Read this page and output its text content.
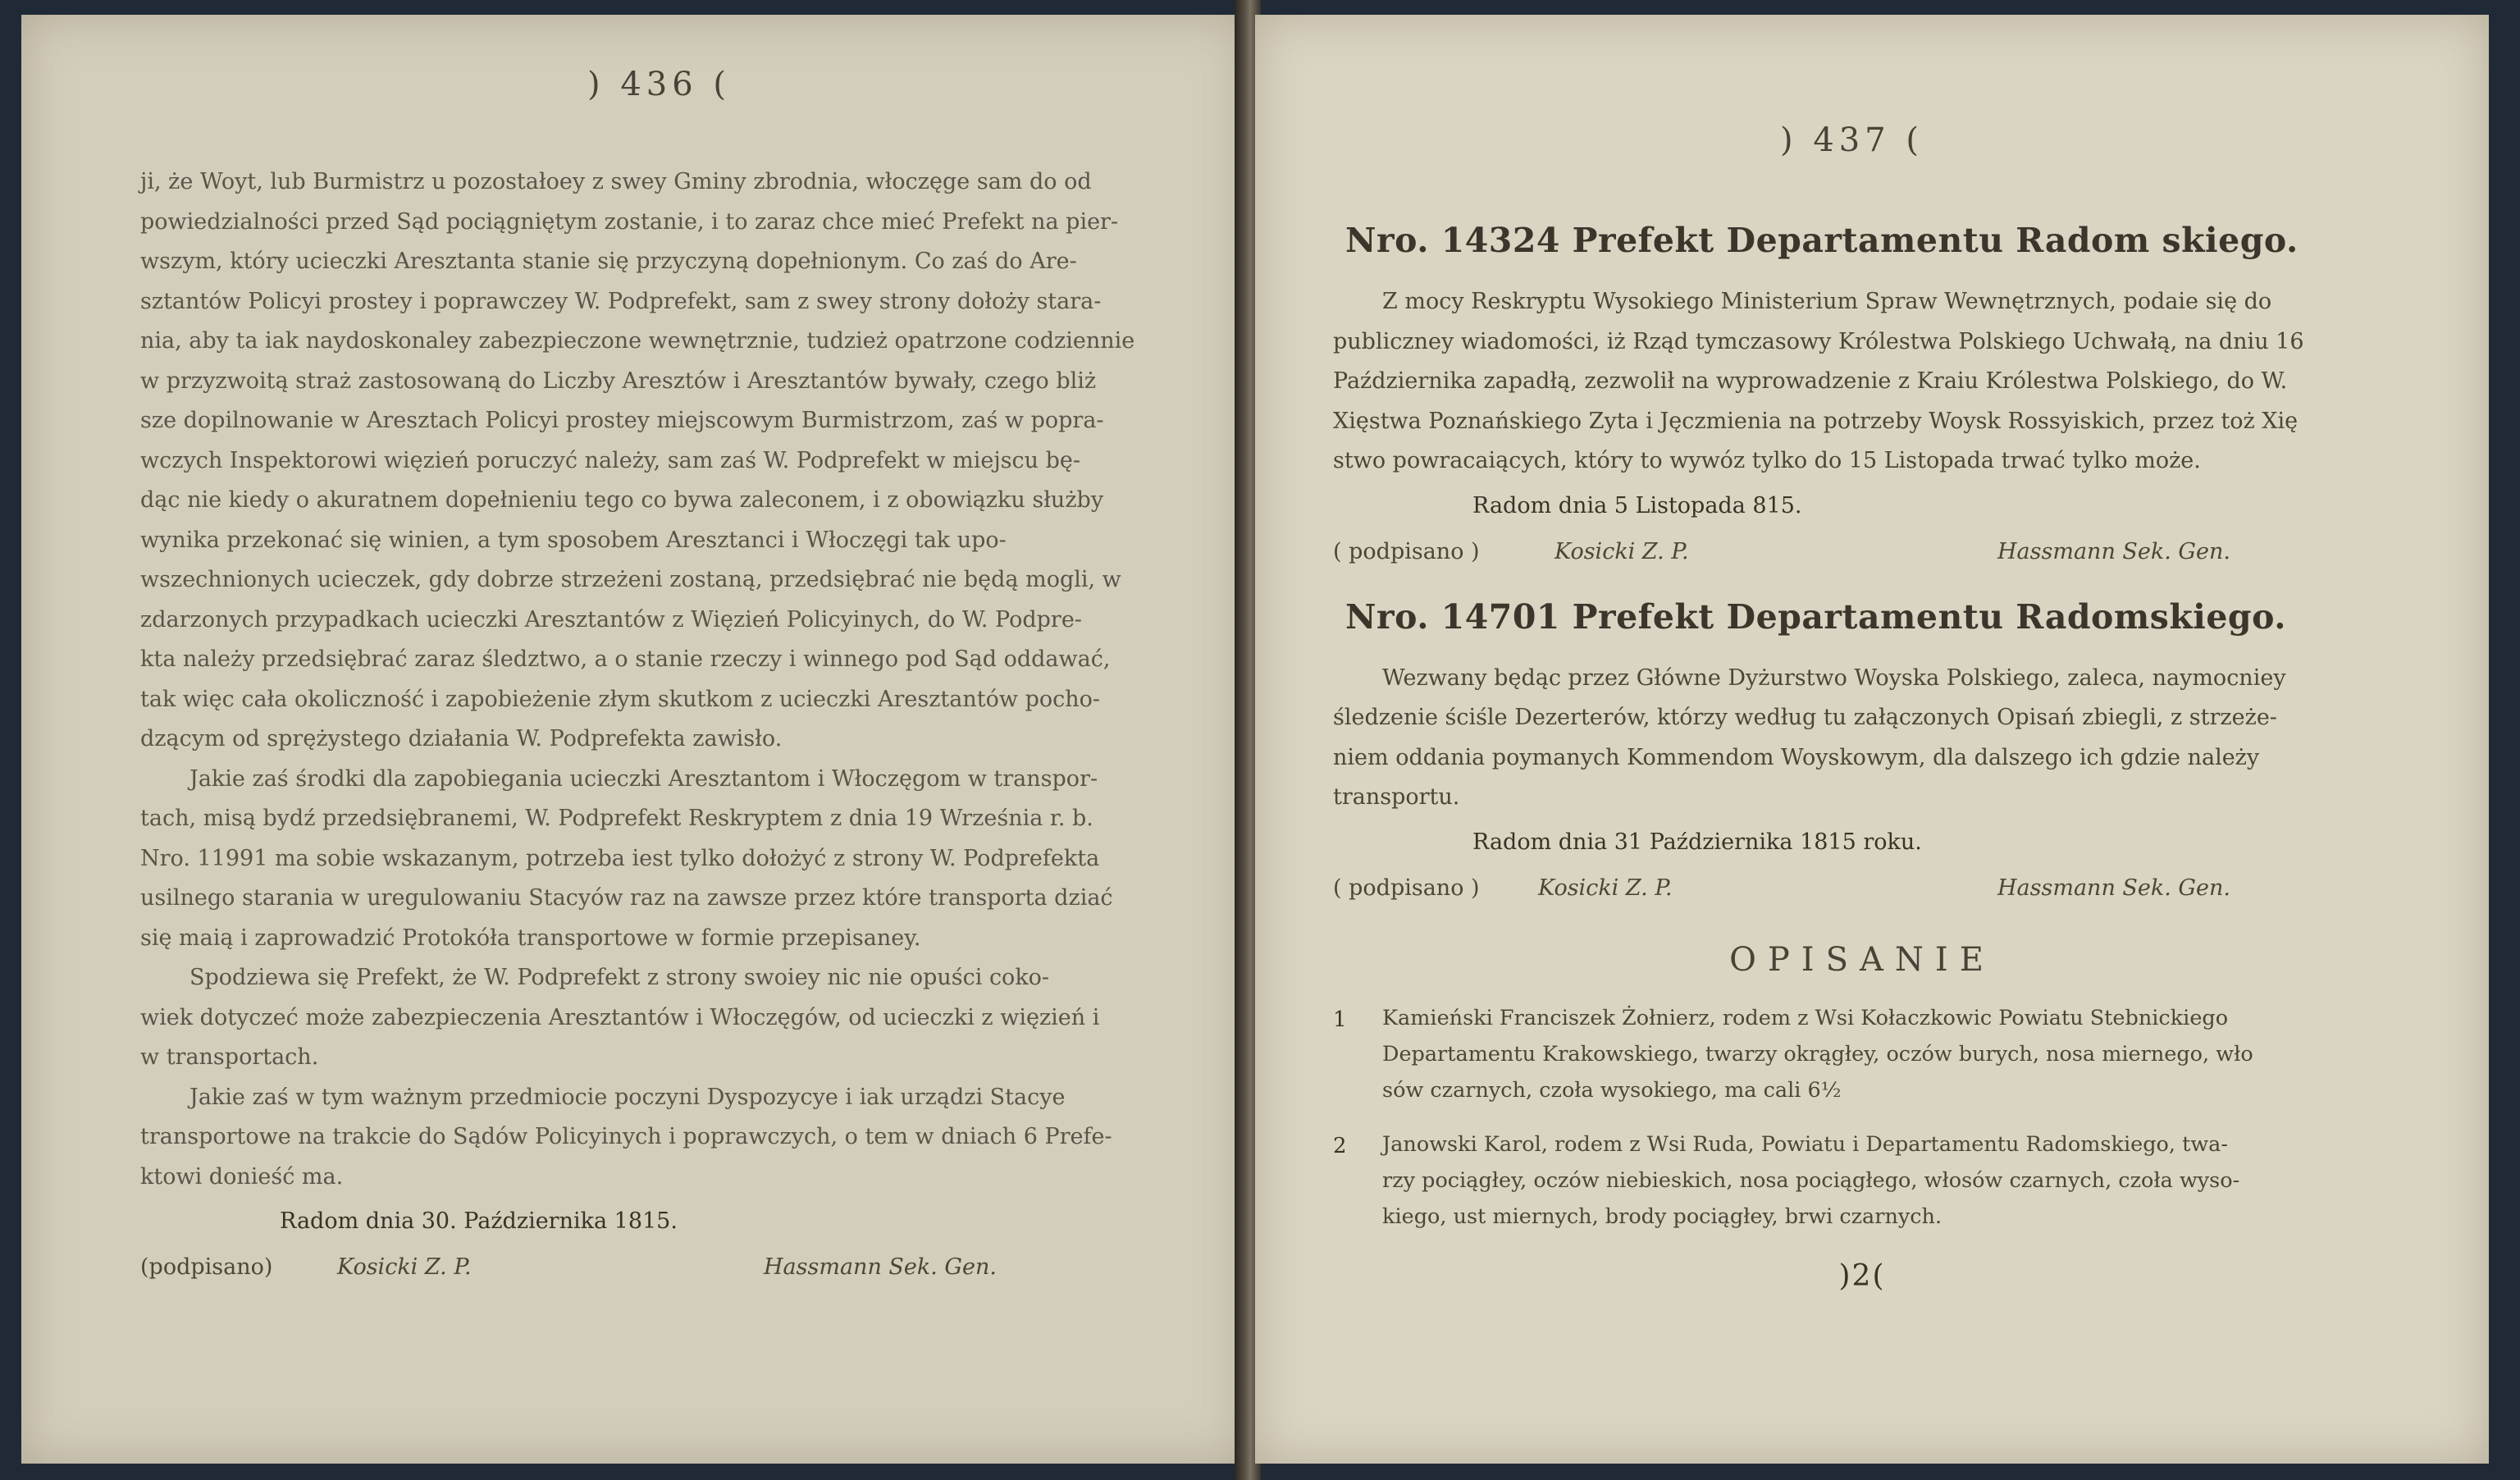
) 436 (
ji, że Woyt, lub Burmistrz u pozostałoey z swey Gminy zbrodnia, włoczęge sam do od
powiedzialności przed Sąd pociągniętym zostanie, i to zaraz chce mieć Prefekt na pier-
wszym, który ucieczki Aresztanta stanie się przyczyną dopełnionym. Co zaś do Are-
sztantów Policyi prostey i poprawczey W. Podprefekt, sam z swey strony dołoży stara-
nia, aby ta iak naydoskonaley zabezpieczone wewnętrznie, tudzież opatrzone codziennie
w przyzwoitą straż zastosowaną do Liczby Aresztów i Aresztantów bywały, czego bliż
sze dopilnowanie w Aresztach Policyi prostey miejscowym Burmistrzom, zaś w popra-
wczych Inspektorowi więzień poruczyć należy, sam zaś W. Podprefekt w miejscu bę-
dąc nie kiedy o akuratnem dopełnieniu tego co bywa zaleconem, i z obowiązku służby
wynika przekonać się winien, a tym sposobem Aresztanci i Włoczęgi tak upo-
wszechnionych ucieczek, gdy dobrze strzeżeni zostaną, przedsiębrać nie będą mogli, w
zdarzonych przypadkach ucieczki Aresztantów z Więzień Policyinych, do W. Podpre-
kta należy przedsiębrać zaraz śledztwo, a o stanie rzeczy i winnego pod Sąd oddawać,
tak więc cała okoliczność i zapobieżenie złym skutkom z ucieczki Aresztantów pocho-
dzącym od sprężystego działania W. Podprefekta zawisło.
Jakie zaś środki dla zapobiegania ucieczki Aresztantom i Włoczęgom w transpor-
tach, misą bydź przedsiębranemi, W. Podprefekt Reskryptem z dnia 19 Września r. b.
Nro. 11991 ma sobie wskazanym, potrzeba iest tylko dołożyć z strony W. Podprefekta
usilnego starania w uregulowaniu Stacyów raz na zawsze przez które transporta dziać
się maią i zaprowadzić Protokóła transportowe w formie przepisaney.
Spodziewa się Prefekt, że W. Podprefekt z strony swoiey nic nie opuści coko-
wiek dotyczeć może zabezpieczenia Aresztantów i Włoczęgów, od ucieczki z więzień i
w transportach.
Jakie zaś w tym ważnym przedmiocie poczyni Dyspozycye i iak urządzi Stacye
transportowe na trakcie do Sądów Policyinych i poprawczych, o tem w dniach 6 Prefe-
ktowi donieść ma.
Radom dnia 30. Października 1815.
(podpisano)	Kosicki Z. P.	Hassmann Sek. Gen.
) 437 (
Nro. 14324 Prefekt Departamentu Radom skiego.
Z mocy Reskryptu Wysokiego Ministerium Spraw Wewnętrznych, podaie się do
publiczney wiadomości, iż Rząd tymczasowy Królestwa Polskiego Uchwałą, na dniu 16
Października zapadłą, zezwolił na wyprowadzenie z Kraiu Królestwa Polskiego, do W.
Xięstwa Poznańskiego Zyta i Jęczmienia na potrzeby Woysk Rossyiskich, przez toż Xię
stwo powracaiących, który to wywóz tylko do 15 Listopada trwać tylko może.
Radom dnia 5 Listopada 815.
( podpisano )	Kosicki Z. P.	Hassmann Sek. Gen.
Nro. 14701 Prefekt Departamentu Radomskiego.
Wezwany będąc przez Główne Dyżurstwo Woyska Polskiego, zaleca, naymocniey
śledzenie ściśle Dezerterów, którzy według tu załączonych Opisań zbiegli, z strzeże-
niem oddania poymanych Kommendom Woyskowym, dla dalszego ich gdzie należy
transportu.
Radom dnia 31 Października 1815 roku.
( podpisano )	Kosicki Z. P.	Hassmann Sek. Gen.
OPISANIE
1 Kamieński Franciszek Żołnierz, rodem z Wsi Kołaczkowic Powiatu Stebnickiego
Departamentu Krakowskiego, twarzy okrągłey, oczów burych, nosa miernego, wło
sów czarnych, czoła wysokiego, ma cali 6½
2 Janowski Karol, rodem z Wsi Ruda, Powiatu i Departamentu Radomskiego, twa-
rzy pociągłey, oczów niebieskich, nosa pociągłego, włosów czarnych, czoła wyso-
kiego, ust miernych, brody pociągłey, brwi czarnych.
)2(
